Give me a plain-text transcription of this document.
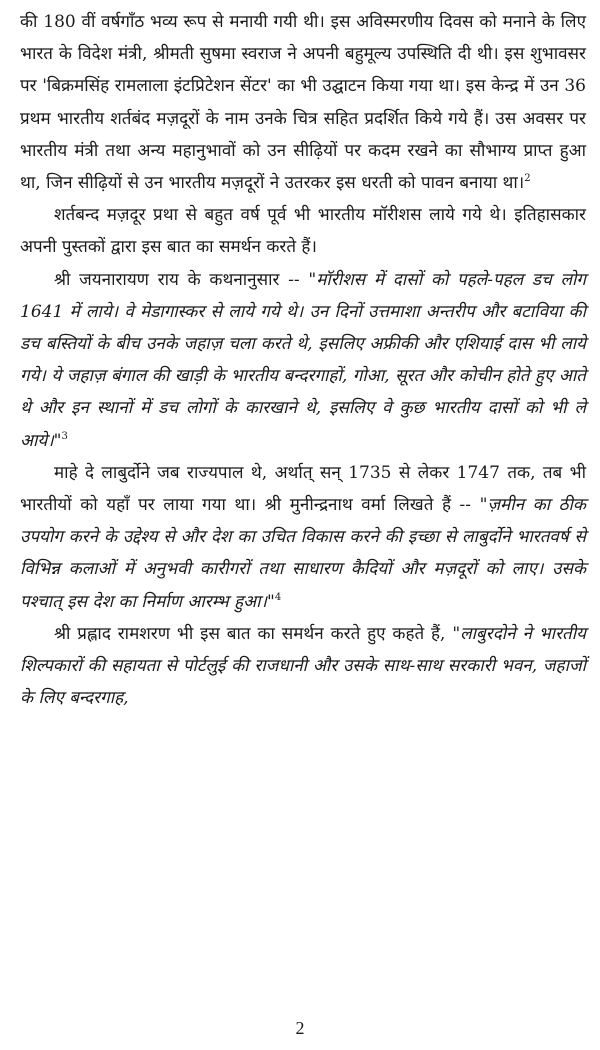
की 180 वीं वर्षगाँठ भव्य रूप से मनायी गयी थी। इस अविस्मरणीय दिवस को मनाने के लिए भारत के विदेश मंत्री, श्रीमती सुषमा स्वराज ने अपनी बहुमूल्य उपस्थिति दी थी। इस शुभावसर पर 'बिक्रमसिंह रामलाला इंटप्रिटेशन सेंटर' का भी उद्घाटन किया गया था। इस केन्द्र में उन 36 प्रथम भारतीय शर्तबंद मज़दूरों के नाम उनके चित्र सहित प्रदर्शित किये गये हैं। उस अवसर पर भारतीय मंत्री तथा अन्य महानुभावों को उन सीढ़ियों पर कदम रखने का सौभाग्य प्राप्त हुआ था, जिन सीढ़ियों से उन भारतीय मज़दूरों ने उतरकर इस धरती को पावन बनाया था।$^2$

शर्तबन्द मज़दूर प्रथा से बहुत वर्ष पूर्व भी भारतीय मॉरीशस लाये गये थे। इतिहासकार अपनी पुस्तकों द्वारा इस बात का समर्थन करते हैं।

श्री जयनारायण राय के कथनानुसार -- "मॉरीशस में दासों को पहले-पहल डच लोग 1641 में लाये। वे मेडागास्कर से लाये गये थे। उन दिनों उत्तमाशा अन्तरीप और बटाविया की डच बस्तियों के बीच उनके जहाज़ चला करते थे, इसलिए अफ्रीकी और एशियाई दास भी लाये गये। ये जहाज़ बंगाल की खाड़ी के भारतीय बन्दरगाहों, गोआ, सूरत और कोचीन होते हुए आते थे और इन स्थानों में डच लोगों के कारखाने थे, इसलिए वे कुछ भारतीय दासों को भी ले आये।"$^3$

माहे दे लाबुर्दोने जब राज्यपाल थे, अर्थात् सन् 1735 से लेकर 1747 तक, तब भी भारतीयों को यहाँ पर लाया गया था। श्री मुनीन्द्रनाथ वर्मा लिखते हैं -- "ज़मीन का ठीक उपयोग करने के उद्देश्य से और देश का उचित विकास करने की इच्छा से लाबुर्दोने भारतवर्ष से विभिन्न कलाओं में अनुभवी कारीगरों तथा साधारण कैदियों और मज़दूरों को लाए। उसके पश्चात् इस देश का निर्माण आरम्भ हुआ।"$^4$

श्री प्रह्लाद रामशरण भी इस बात का समर्थन करते हुए कहते हैं, "लाबुरदोने ने भारतीय शिल्पकारों की सहायता से पोर्टलुई की राजधानी और उसके साथ-साथ सरकारी भवन, जहाजों के लिए बन्दरगाह,

2
